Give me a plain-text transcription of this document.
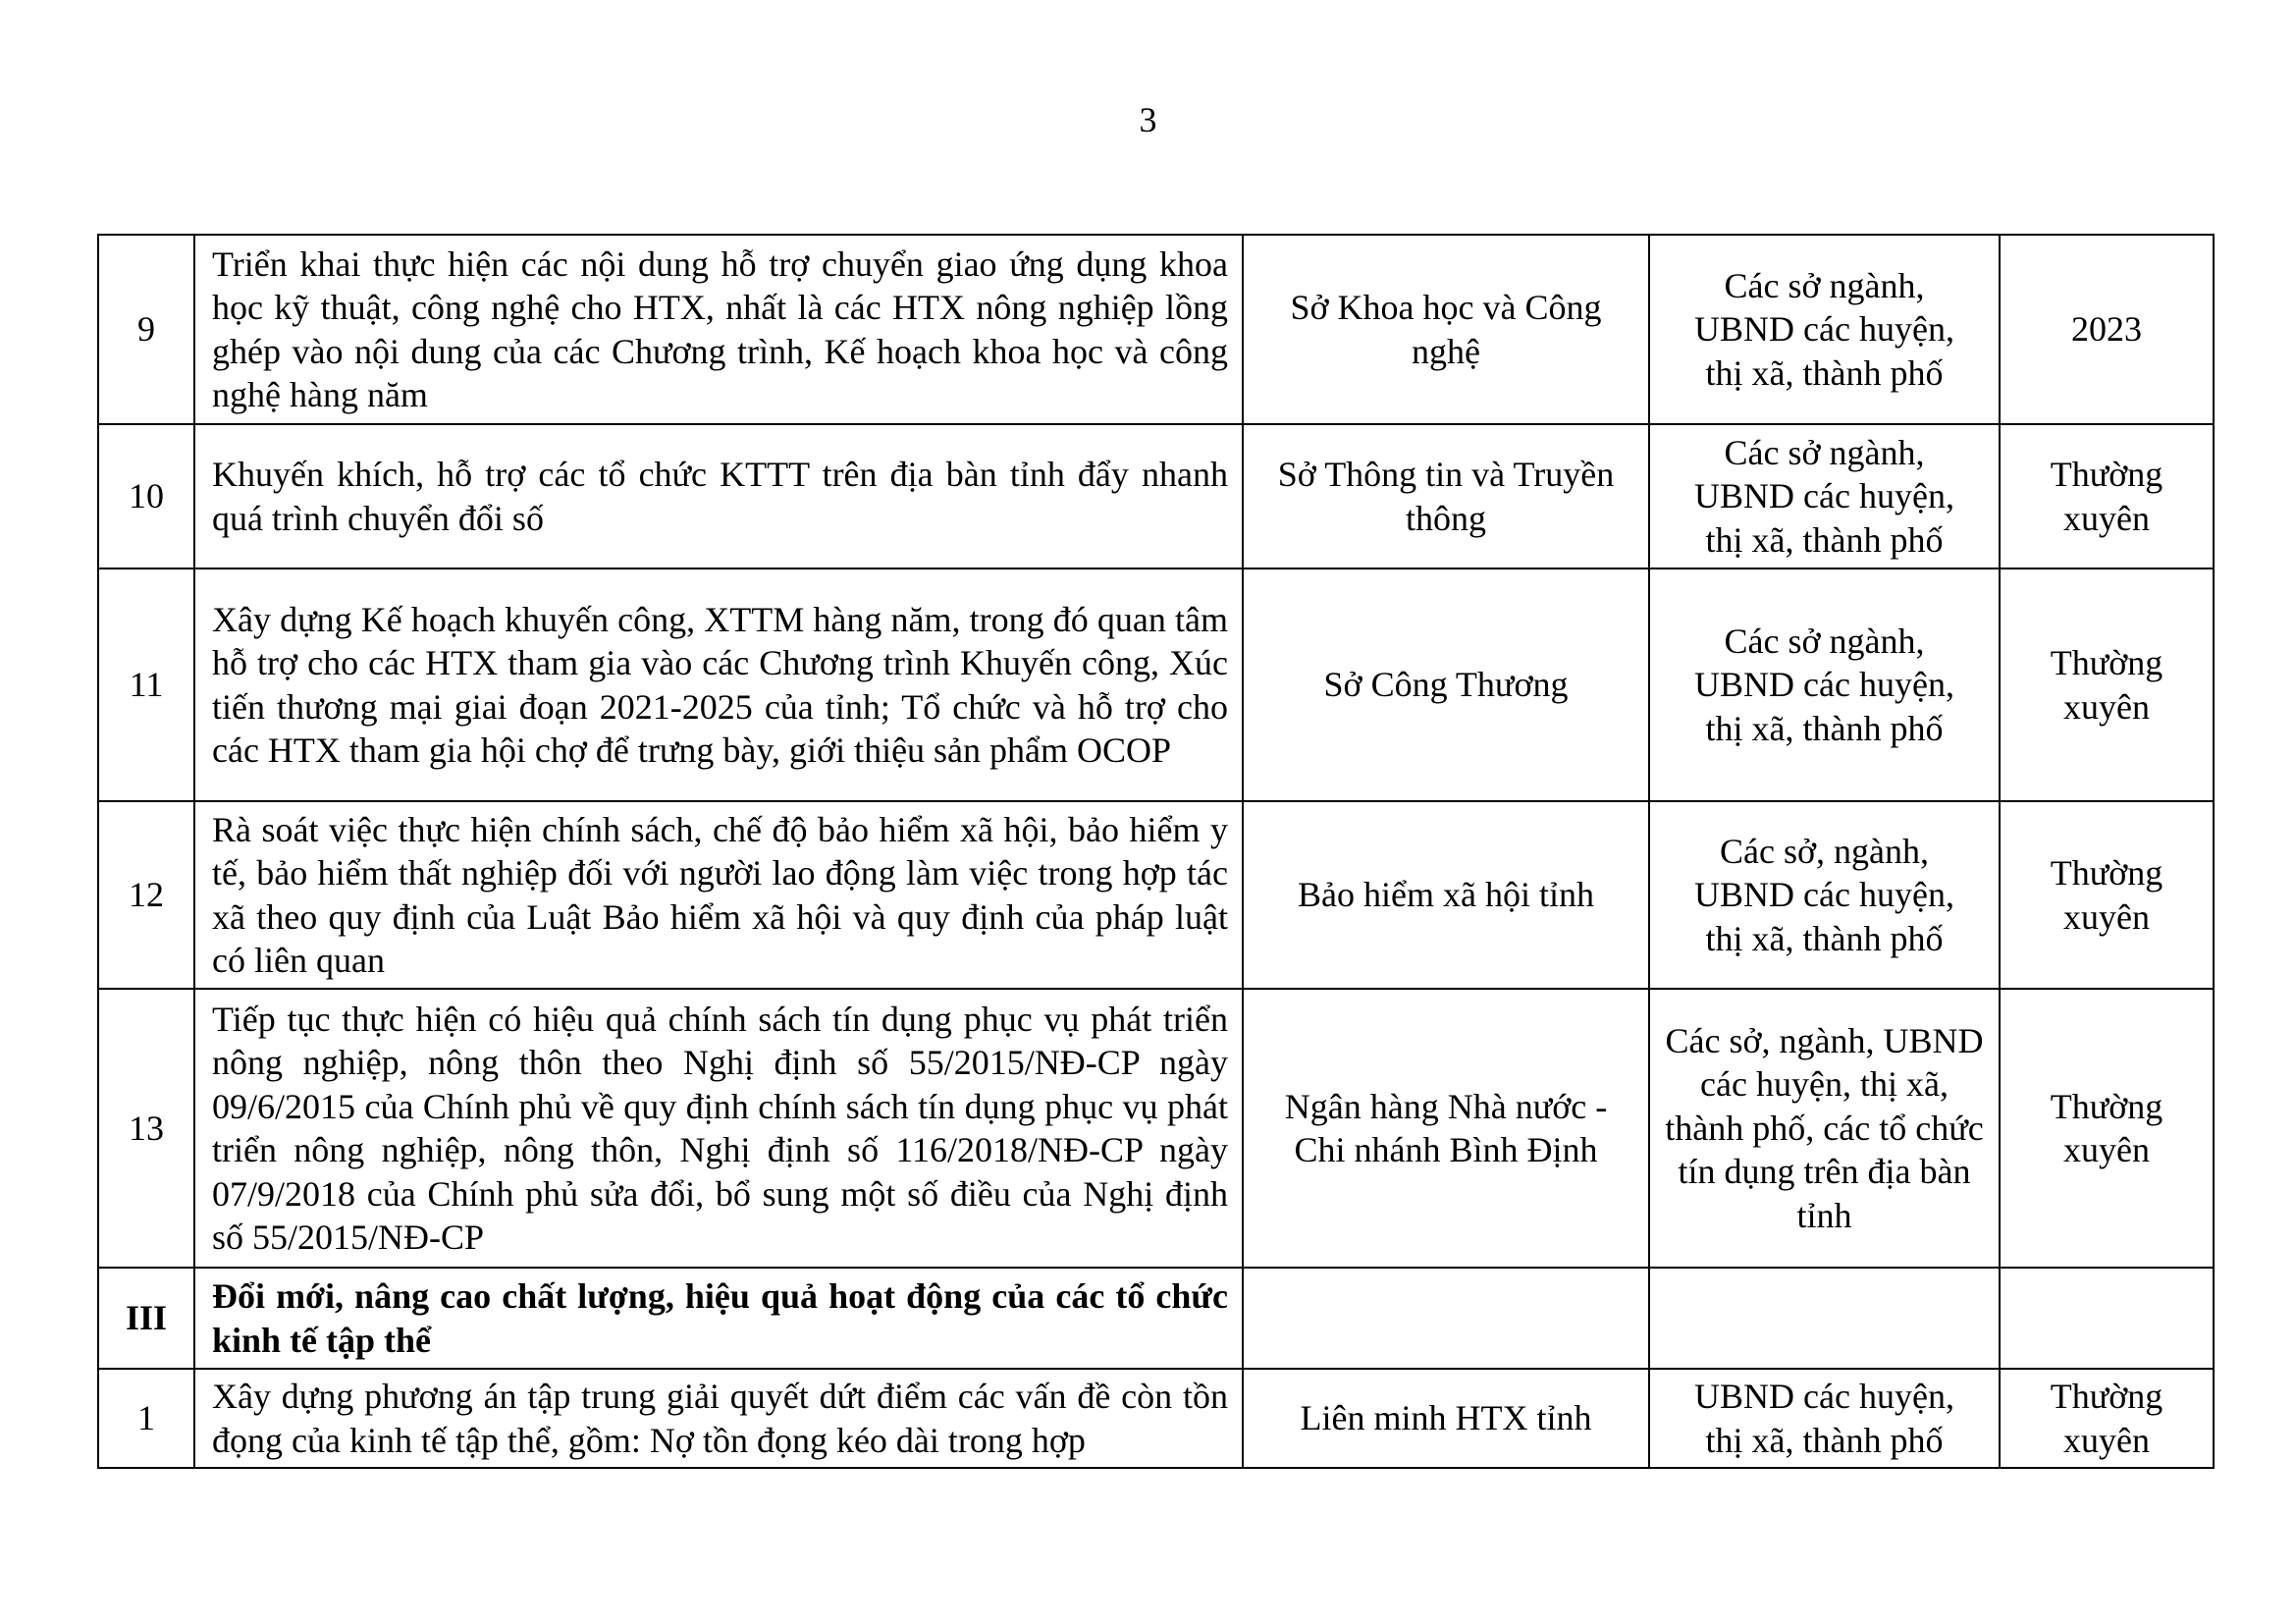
3
9	Triển khai thực hiện các nội dung hỗ trợ chuyển giao ứng dụng khoa học kỹ thuật, công nghệ cho HTX, nhất là các HTX nông nghiệp lồng ghép vào nội dung của các Chương trình, Kế hoạch khoa học và công nghệ hàng năm	Sở Khoa học và Công nghệ	Các sở ngành, UBND các huyện, thị xã, thành phố	2023
10	Khuyến khích, hỗ trợ các tổ chức KTTT trên địa bàn tỉnh đẩy nhanh quá trình chuyển đổi số	Sở Thông tin và Truyền thông	Các sở ngành, UBND các huyện, thị xã, thành phố	Thường xuyên

11	Xây dựng Kế hoạch khuyến công, XTTM hàng năm, trong đó quan tâm hỗ trợ cho các HTX tham gia vào các Chương trình Khuyến công, Xúc tiến thương mại giai đoạn 2021-2025 của tỉnh; Tổ chức và hỗ trợ cho các HTX tham gia hội chợ để trưng bày, giới thiệu sản phẩm OCOP	Sở Công Thương	Các sở ngành, UBND các huyện, thị xã, thành phố	Thường xuyên

12	Rà soát việc thực hiện chính sách, chế độ bảo hiểm xã hội, bảo hiểm y tế, bảo hiểm thất nghiệp đối với người lao động làm việc trong hợp tác xã theo quy định của Luật Bảo hiểm xã hội và quy định của pháp luật có liên quan	Bảo hiểm xã hội tỉnh	Các sở, ngành, UBND các huyện, thị xã, thành phố	Thường xuyên

13	Tiếp tục thực hiện có hiệu quả chính sách tín dụng phục vụ phát triển nông nghiệp, nông thôn theo Nghị định số 55/2015/NĐ-CP ngày 09/6/2015 của Chính phủ về quy định chính sách tín dụng phục vụ phát triển nông nghiệp, nông thôn, Nghị định số 116/2018/NĐ-CP ngày 07/9/2018 của Chính phủ sửa đổi, bổ sung một số điều của Nghị định số 55/2015/NĐ-CP	Ngân hàng Nhà nước - Chi nhánh Bình Định	Các sở, ngành, UBND các huyện, thị xã, thành phố, các tổ chức tín dụng trên địa bàn tỉnh	Thường xuyên

III	Đổi mới, nâng cao chất lượng, hiệu quả hoạt động của các tổ chức kinh tế tập thể			

1	Xây dựng phương án tập trung giải quyết dứt điểm các vấn đề còn tồn đọng của kinh tế tập thể, gồm: Nợ tồn đọng kéo dài trong hợp	Liên minh HTX tỉnh	UBND các huyện, thị xã, thành phố	Thường xuyên
